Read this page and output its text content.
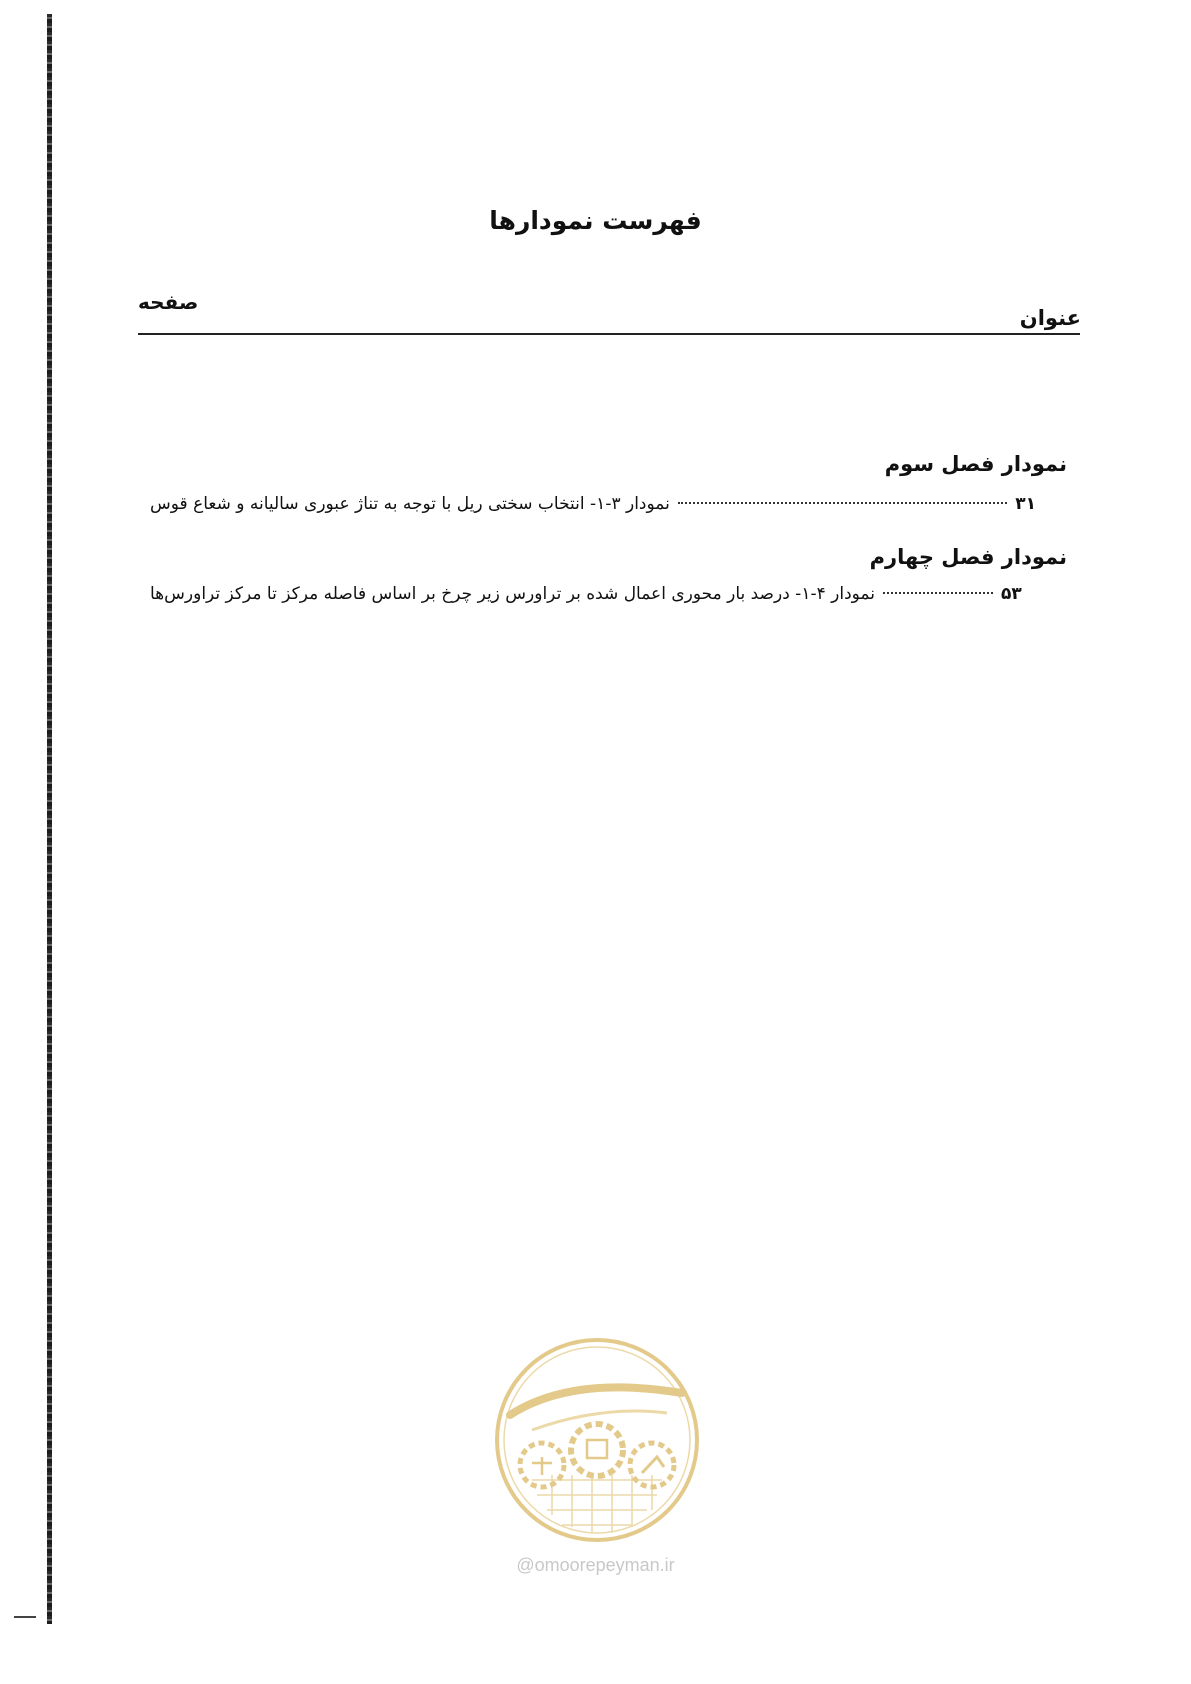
فهرست نمودارها
صفحه
عنوان
نمودار فصل سوم
نمودار ۳-۱- انتخاب سختی ریل با توجه به تناژ عبوری سالیانه و شعاع قوس	۳۱
نمودار فصل چهارم
نمودار ۴-۱- درصد بار محوری اعمال شده بر تراورس زیر چرخ بر اساس فاصله مرکز تا مرکز تراورس‌ها	۵۳
@omoorepeyman.ir
